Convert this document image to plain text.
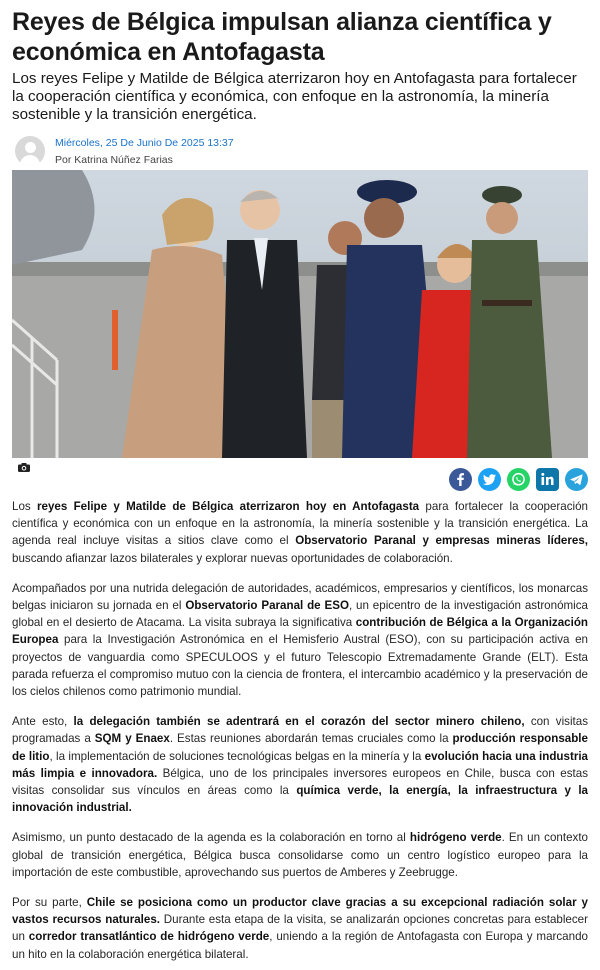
Reyes de Bélgica impulsan alianza científica y económica en Antofagasta

Los reyes Felipe y Matilde de Bélgica aterrizaron hoy en Antofagasta para fortalecer la cooperación científica y económica, con enfoque en la astronomía, la minería sostenible y la transición energética.

Miércoles, 25 De Junio De 2025 13:37
Por Katrina Núñez Farias

Los reyes Felipe y Matilde de Bélgica aterrizaron hoy en Antofagasta para fortalecer la cooperación científica y económica con un enfoque en la astronomía, la minería sostenible y la transición energética. La agenda real incluye visitas a sitios clave como el Observatorio Paranal y empresas mineras líderes, buscando afianzar lazos bilaterales y explorar nuevas oportunidades de colaboración.

Acompañados por una nutrida delegación de autoridades, académicos, empresarios y científicos, los monarcas belgas iniciaron su jornada en el Observatorio Paranal de ESO, un epicentro de la investigación astronómica global en el desierto de Atacama. La visita subraya la significativa contribución de Bélgica a la Organización Europea para la Investigación Astronómica en el Hemisferio Austral (ESO), con su participación activa en proyectos de vanguardia como SPECULOOS y el futuro Telescopio Extremadamente Grande (ELT). Esta parada refuerza el compromiso mutuo con la ciencia de frontera, el intercambio académico y la preservación de los cielos chilenos como patrimonio mundial.

Ante esto, la delegación también se adentrará en el corazón del sector minero chileno, con visitas programadas a SQM y Enaex. Estas reuniones abordarán temas cruciales como la producción responsable de litio, la implementación de soluciones tecnológicas belgas en la minería y la evolución hacia una industria más limpia e innovadora. Bélgica, uno de los principales inversores europeos en Chile, busca con estas visitas consolidar sus vínculos en áreas como la química verde, la energía, la infraestructura y la innovación industrial.

Asimismo, un punto destacado de la agenda es la colaboración en torno al hidrógeno verde. En un contexto global de transición energética, Bélgica busca consolidarse como un centro logístico europeo para la importación de este combustible, aprovechando sus puertos de Amberes y Zeebrugge.

Por su parte, Chile se posiciona como un productor clave gracias a su excepcional radiación solar y vastos recursos naturales. Durante esta etapa de la visita, se analizarán opciones concretas para establecer un corredor transatlántico de hidrógeno verde, uniendo a la región de Antofagasta con Europa y marcando un hito en la colaboración energética bilateral.
